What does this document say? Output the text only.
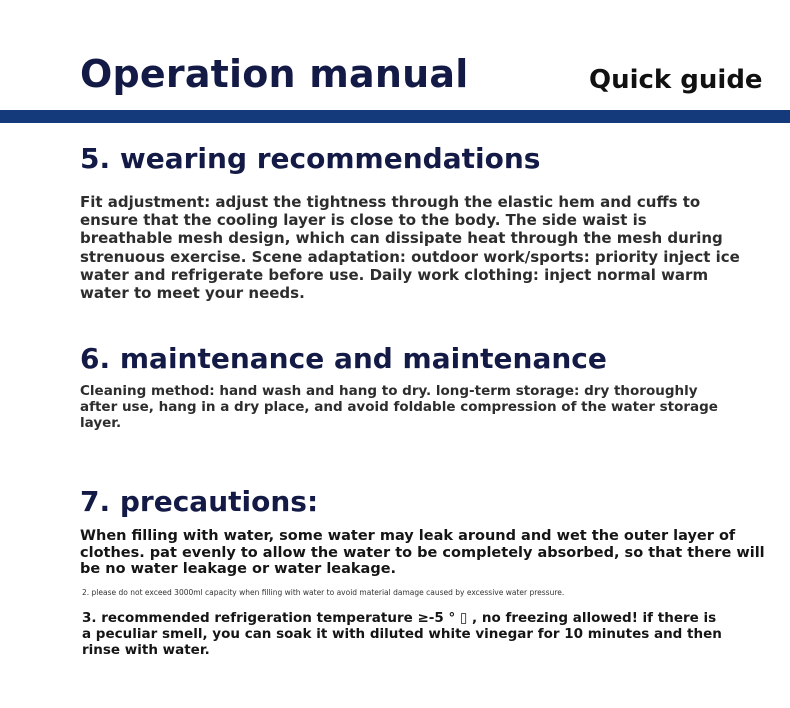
Operation manual	Quick guide
5. wearing recommendations
Fit adjustment: adjust the tightness through the elastic hem and cuffs to ensure that the cooling layer is close to the body. The side waist is breathable mesh design, which can dissipate heat through the mesh during strenuous exercise. Scene adaptation: outdoor work/sports: priority inject ice water and refrigerate before use. Daily work clothing: inject normal warm water to meet your needs.
6. maintenance and maintenance
Cleaning method: hand wash and hang to dry. long-term storage: dry thoroughly after use, hang in a dry place, and avoid foldable compression of the water storage layer.
7. precautions:
When filling with water, some water may leak around and wet the outer layer of clothes. pat evenly to allow the water to be completely absorbed, so that there will be no water leakage or water leakage.
2. please do not exceed 3000ml capacity when filling with water to avoid material damage caused by excessive water pressure.
3. recommended refrigeration temperature ≥-5 ° ▯ , no freezing allowed! if there is a peculiar smell, you can soak it with diluted white vinegar for 10 minutes and then rinse with water.
